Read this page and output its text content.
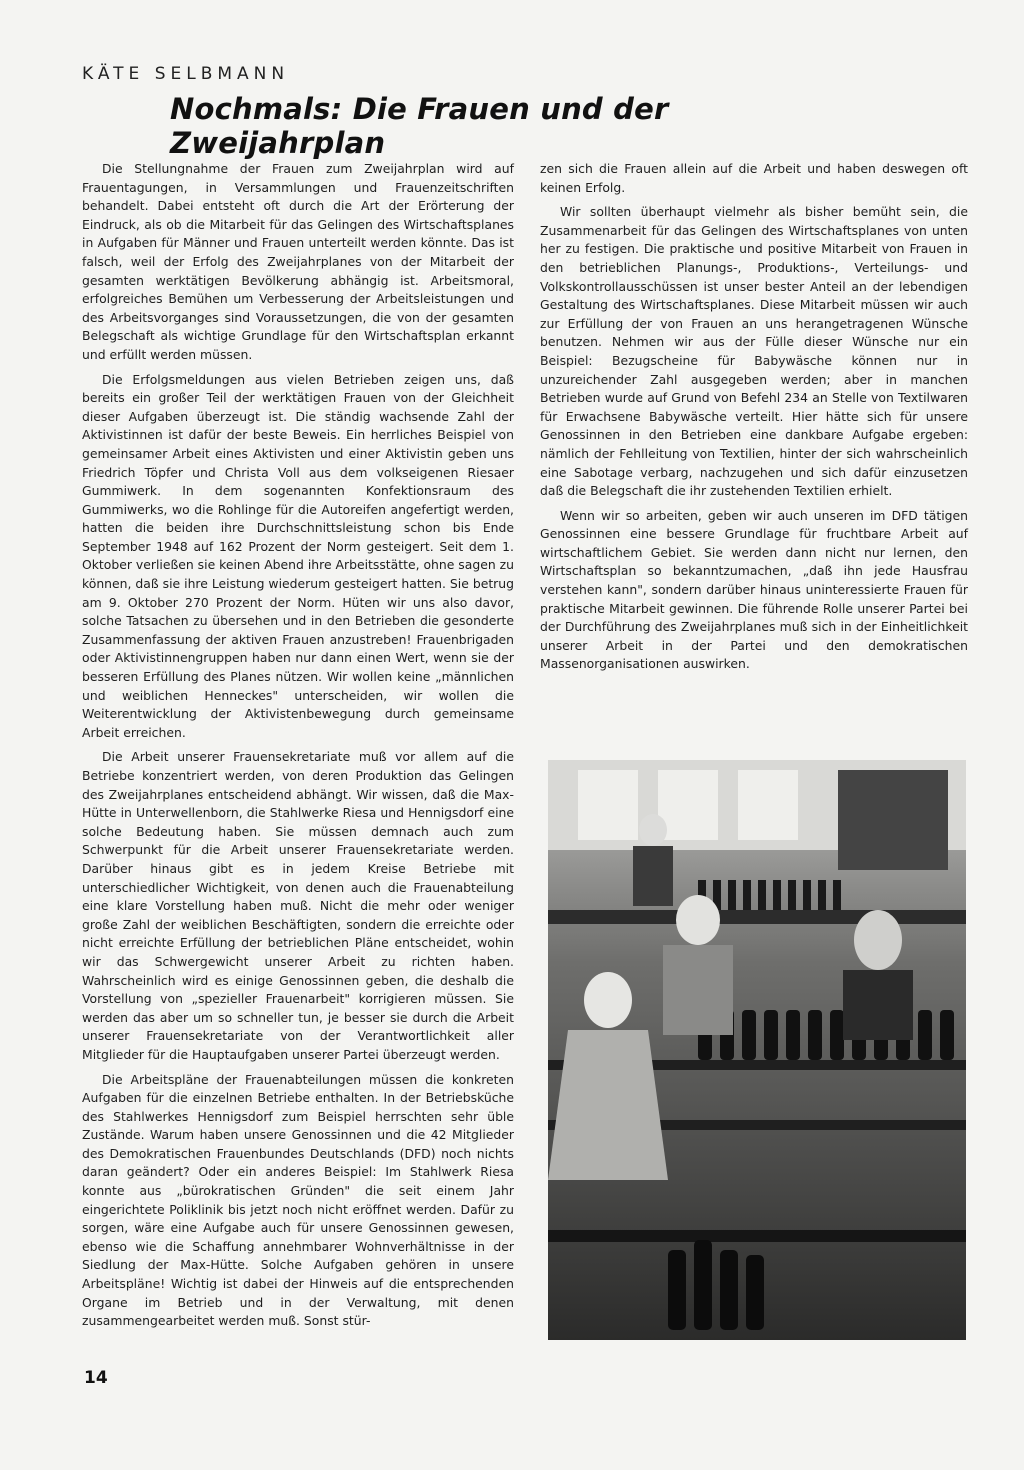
KÄTE SELBMANN
Nochmals: Die Frauen und der Zweijahrplan

Die Stellungnahme der Frauen zum Zweijahrplan wird auf Frauentagungen, in Versammlungen und Frauenzeitschriften behandelt. Dabei entsteht oft durch die Art der Erörterung der Eindruck, als ob die Mitarbeit für das Gelingen des Wirtschaftsplanes in Aufgaben für Männer und Frauen unterteilt werden könnte. Das ist falsch, weil der Erfolg des Zweijahrplanes von der Mitarbeit der gesamten werktätigen Bevölkerung abhängig ist. Arbeitsmoral, erfolgreiches Bemühen um Verbesserung der Arbeitsleistungen und des Arbeitsvorganges sind Voraussetzungen, die von der gesamten Belegschaft als wichtige Grundlage für den Wirtschaftsplan erkannt und erfüllt werden müssen.

Die Erfolgsmeldungen aus vielen Betrieben zeigen uns, daß bereits ein großer Teil der werktätigen Frauen von der Gleichheit dieser Aufgaben überzeugt ist. Die ständig wachsende Zahl der Aktivistinnen ist dafür der beste Beweis. Ein herrliches Beispiel von gemeinsamer Arbeit eines Aktivisten und einer Aktivistin geben uns Friedrich Töpfer und Christa Voll aus dem volkseigenen Riesaer Gummiwerk. In dem sogenannten Konfektionsraum des Gummiwerks, wo die Rohlinge für die Autoreifen angefertigt werden, hatten die beiden ihre Durchschnittsleistung schon bis Ende September 1948 auf 162 Prozent der Norm gesteigert. Seit dem 1. Oktober verließen sie keinen Abend ihre Arbeitsstätte, ohne sagen zu können, daß sie ihre Leistung wiederum gesteigert hatten. Sie betrug am 9. Oktober 270 Prozent der Norm. Hüten wir uns also davor, solche Tatsachen zu übersehen und in den Betrieben die gesonderte Zusammenfassung der aktiven Frauen anzustreben! Frauenbrigaden oder Aktivistinnengruppen haben nur dann einen Wert, wenn sie der besseren Erfüllung des Planes nützen. Wir wollen keine „männlichen und weiblichen Henneckes" unterscheiden, wir wollen die Weiterentwicklung der Aktivistenbewegung durch gemeinsame Arbeit erreichen.

Die Arbeit unserer Frauensekretariate muß vor allem auf die Betriebe konzentriert werden, von deren Produktion das Gelingen des Zweijahrplanes entscheidend abhängt. Wir wissen, daß die Max-Hütte in Unterwellenborn, die Stahlwerke Riesa und Hennigsdorf eine solche Bedeutung haben. Sie müssen demnach auch zum Schwerpunkt für die Arbeit unserer Frauensekretariate werden. Darüber hinaus gibt es in jedem Kreise Betriebe mit unterschiedlicher Wichtigkeit, von denen auch die Frauenabteilung eine klare Vorstellung haben muß. Nicht die mehr oder weniger große Zahl der weiblichen Beschäftigten, sondern die erreichte oder nicht erreichte Erfüllung der betrieblichen Pläne entscheidet, wohin wir das Schwergewicht unserer Arbeit zu richten haben. Wahrscheinlich wird es einige Genossinnen geben, die deshalb die Vorstellung von „spezieller Frauenarbeit" korrigieren müssen. Sie werden das aber um so schneller tun, je besser sie durch die Arbeit unserer Frauensekretariate von der Verantwortlichkeit aller Mitglieder für die Hauptaufgaben unserer Partei überzeugt werden.

Die Arbeitspläne der Frauenabteilungen müssen die konkreten Aufgaben für die einzelnen Betriebe enthalten. In der Betriebsküche des Stahlwerkes Hennigsdorf zum Beispiel herrschten sehr üble Zustände. Warum haben unsere Genossinnen und die 42 Mitglieder des Demokratischen Frauenbundes Deutschlands (DFD) noch nichts daran geändert? Oder ein anderes Beispiel: Im Stahlwerk Riesa konnte aus „bürokratischen Gründen" die seit einem Jahr eingerichtete Poliklinik bis jetzt noch nicht eröffnet werden. Dafür zu sorgen, wäre eine Aufgabe auch für unsere Genossinnen gewesen, ebenso wie die Schaffung annehmbarer Wohnverhältnisse in der Siedlung der Max-Hütte. Solche Aufgaben gehören in unsere Arbeitspläne! Wichtig ist dabei der Hinweis auf die entsprechenden Organe im Betrieb und in der Verwaltung, mit denen zusammengearbeitet werden muß. Sonst stür-

zen sich die Frauen allein auf die Arbeit und haben deswegen oft keinen Erfolg.

Wir sollten überhaupt vielmehr als bisher bemüht sein, die Zusammenarbeit für das Gelingen des Wirtschaftsplanes von unten her zu festigen. Die praktische und positive Mitarbeit von Frauen in den betrieblichen Planungs-, Produktions-, Verteilungs- und Volkskontrollausschüssen ist unser bester Anteil an der lebendigen Gestaltung des Wirtschaftsplanes. Diese Mitarbeit müssen wir auch zur Erfüllung der von Frauen an uns herangetragenen Wünsche benutzen. Nehmen wir aus der Fülle dieser Wünsche nur ein Beispiel: Bezugscheine für Babywäsche können nur in unzureichender Zahl ausgegeben werden; aber in manchen Betrieben wurde auf Grund von Befehl 234 an Stelle von Textilwaren für Erwachsene Babywäsche verteilt. Hier hätte sich für unsere Genossinnen in den Betrieben eine dankbare Aufgabe ergeben: nämlich der Fehlleitung von Textilien, hinter der sich wahrscheinlich eine Sabotage verbarg, nachzugehen und sich dafür einzusetzen daß die Belegschaft die ihr zustehenden Textilien erhielt.

Wenn wir so arbeiten, geben wir auch unseren im DFD tätigen Genossinnen eine bessere Grundlage für fruchtbare Arbeit auf wirtschaftlichem Gebiet. Sie werden dann nicht nur lernen, den Wirtschaftsplan so bekanntzumachen, „daß ihn jede Hausfrau verstehen kann", sondern darüber hinaus uninteressierte Frauen für praktische Mitarbeit gewinnen. Die führende Rolle unserer Partei bei der Durchführung des Zweijahrplanes muß sich in der Einheitlichkeit unserer Arbeit in der Partei und den demokratischen Massenorganisationen auswirken.

14
